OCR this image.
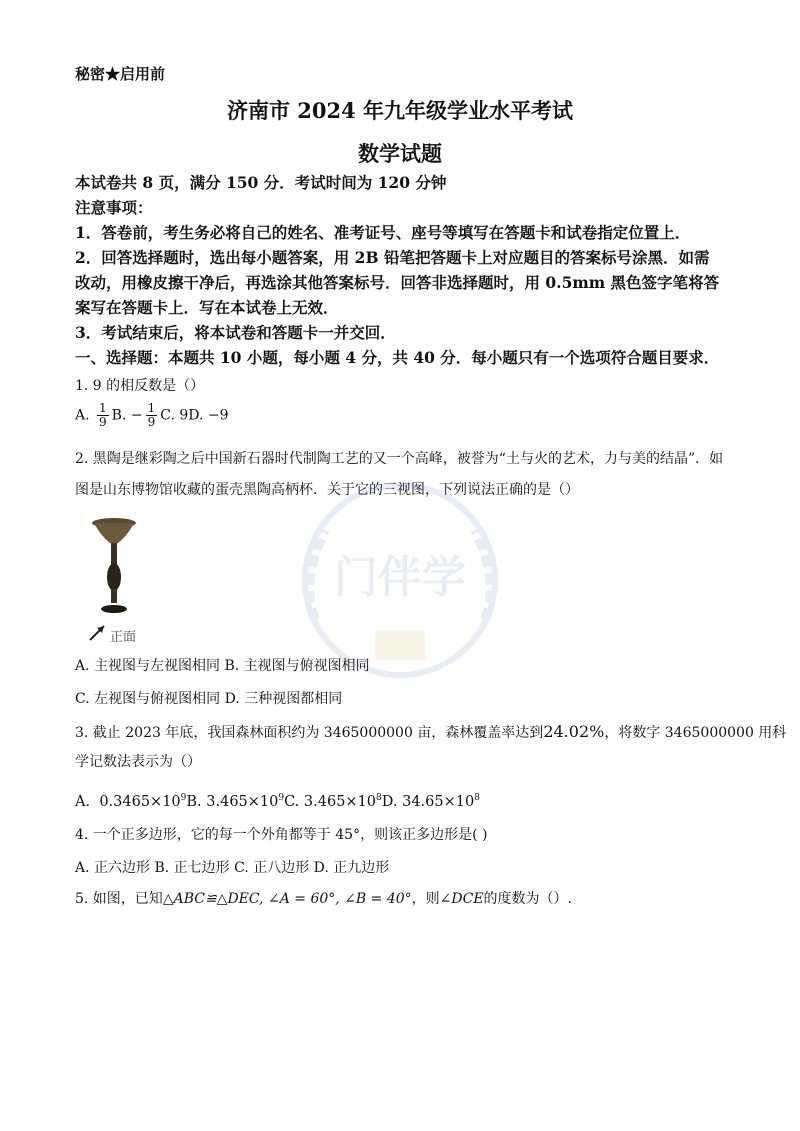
秘密★启用前
济南市 2024 年九年级学业水平考试
数学试题
本试卷共 8 页，满分 150 分．考试时间为 120 分钟
注意事项：
1．答卷前，考生务必将自己的姓名、准考证号、座号等填写在答题卡和试卷指定位置上．
2．回答选择题时，选出每小题答案，用 2B 铅笔把答题卡上对应题目的答案标号涂黑．如需
改动，用橡皮擦干净后，再选涂其他答案标号．回答非选择题时，用 0.5mm 黑色签字笔将答
案写在答题卡上．写在本试卷上无效．
3．考试结束后，将本试卷和答题卡一并交回．
一、选择题：本题共 10 小题，每小题 4 分，共 40 分．每小题只有一个选项符合题目要求．
1. 9 的相反数是（）
A. $\frac{1}{9} B$. − $\frac{1}{9} C$. 9D. −9
2. 黑陶是继彩陶之后中国新石器时代制陶工艺的又一个高峰，被誉为“土与火的艺术，力与美的结晶”．如
图是山东博物馆收藏的蛋壳黑陶高柄杯．关于它的三视图，下列说法正确的是（）
门伴学
正面
A. 主视图与左视图相同 B. 主视图与俯视图相同
C. 左视图与俯视图相同 D. 三种视图都相同
3. 截止 2023 年底，我国森林面积约为 3465000000 亩，森林覆盖率达到24.02%，将数字 3465000000 用科
学记数法表示为（）
A. $0.3465\times 10^9B$. $3.465\times 10^9C$. $3.465\times 10^8D$. $34.65\times 10^8$
4. 一个正多边形，它的每一个外角都等于 45°，则该正多边形是( )
A. 正六边形 B. 正七边形 C. 正八边形 D. 正九边形
5. 如图，已知△ABC≌△DEC, ∠A = 60°, ∠B = 40°，则∠DCE的度数为（）.
